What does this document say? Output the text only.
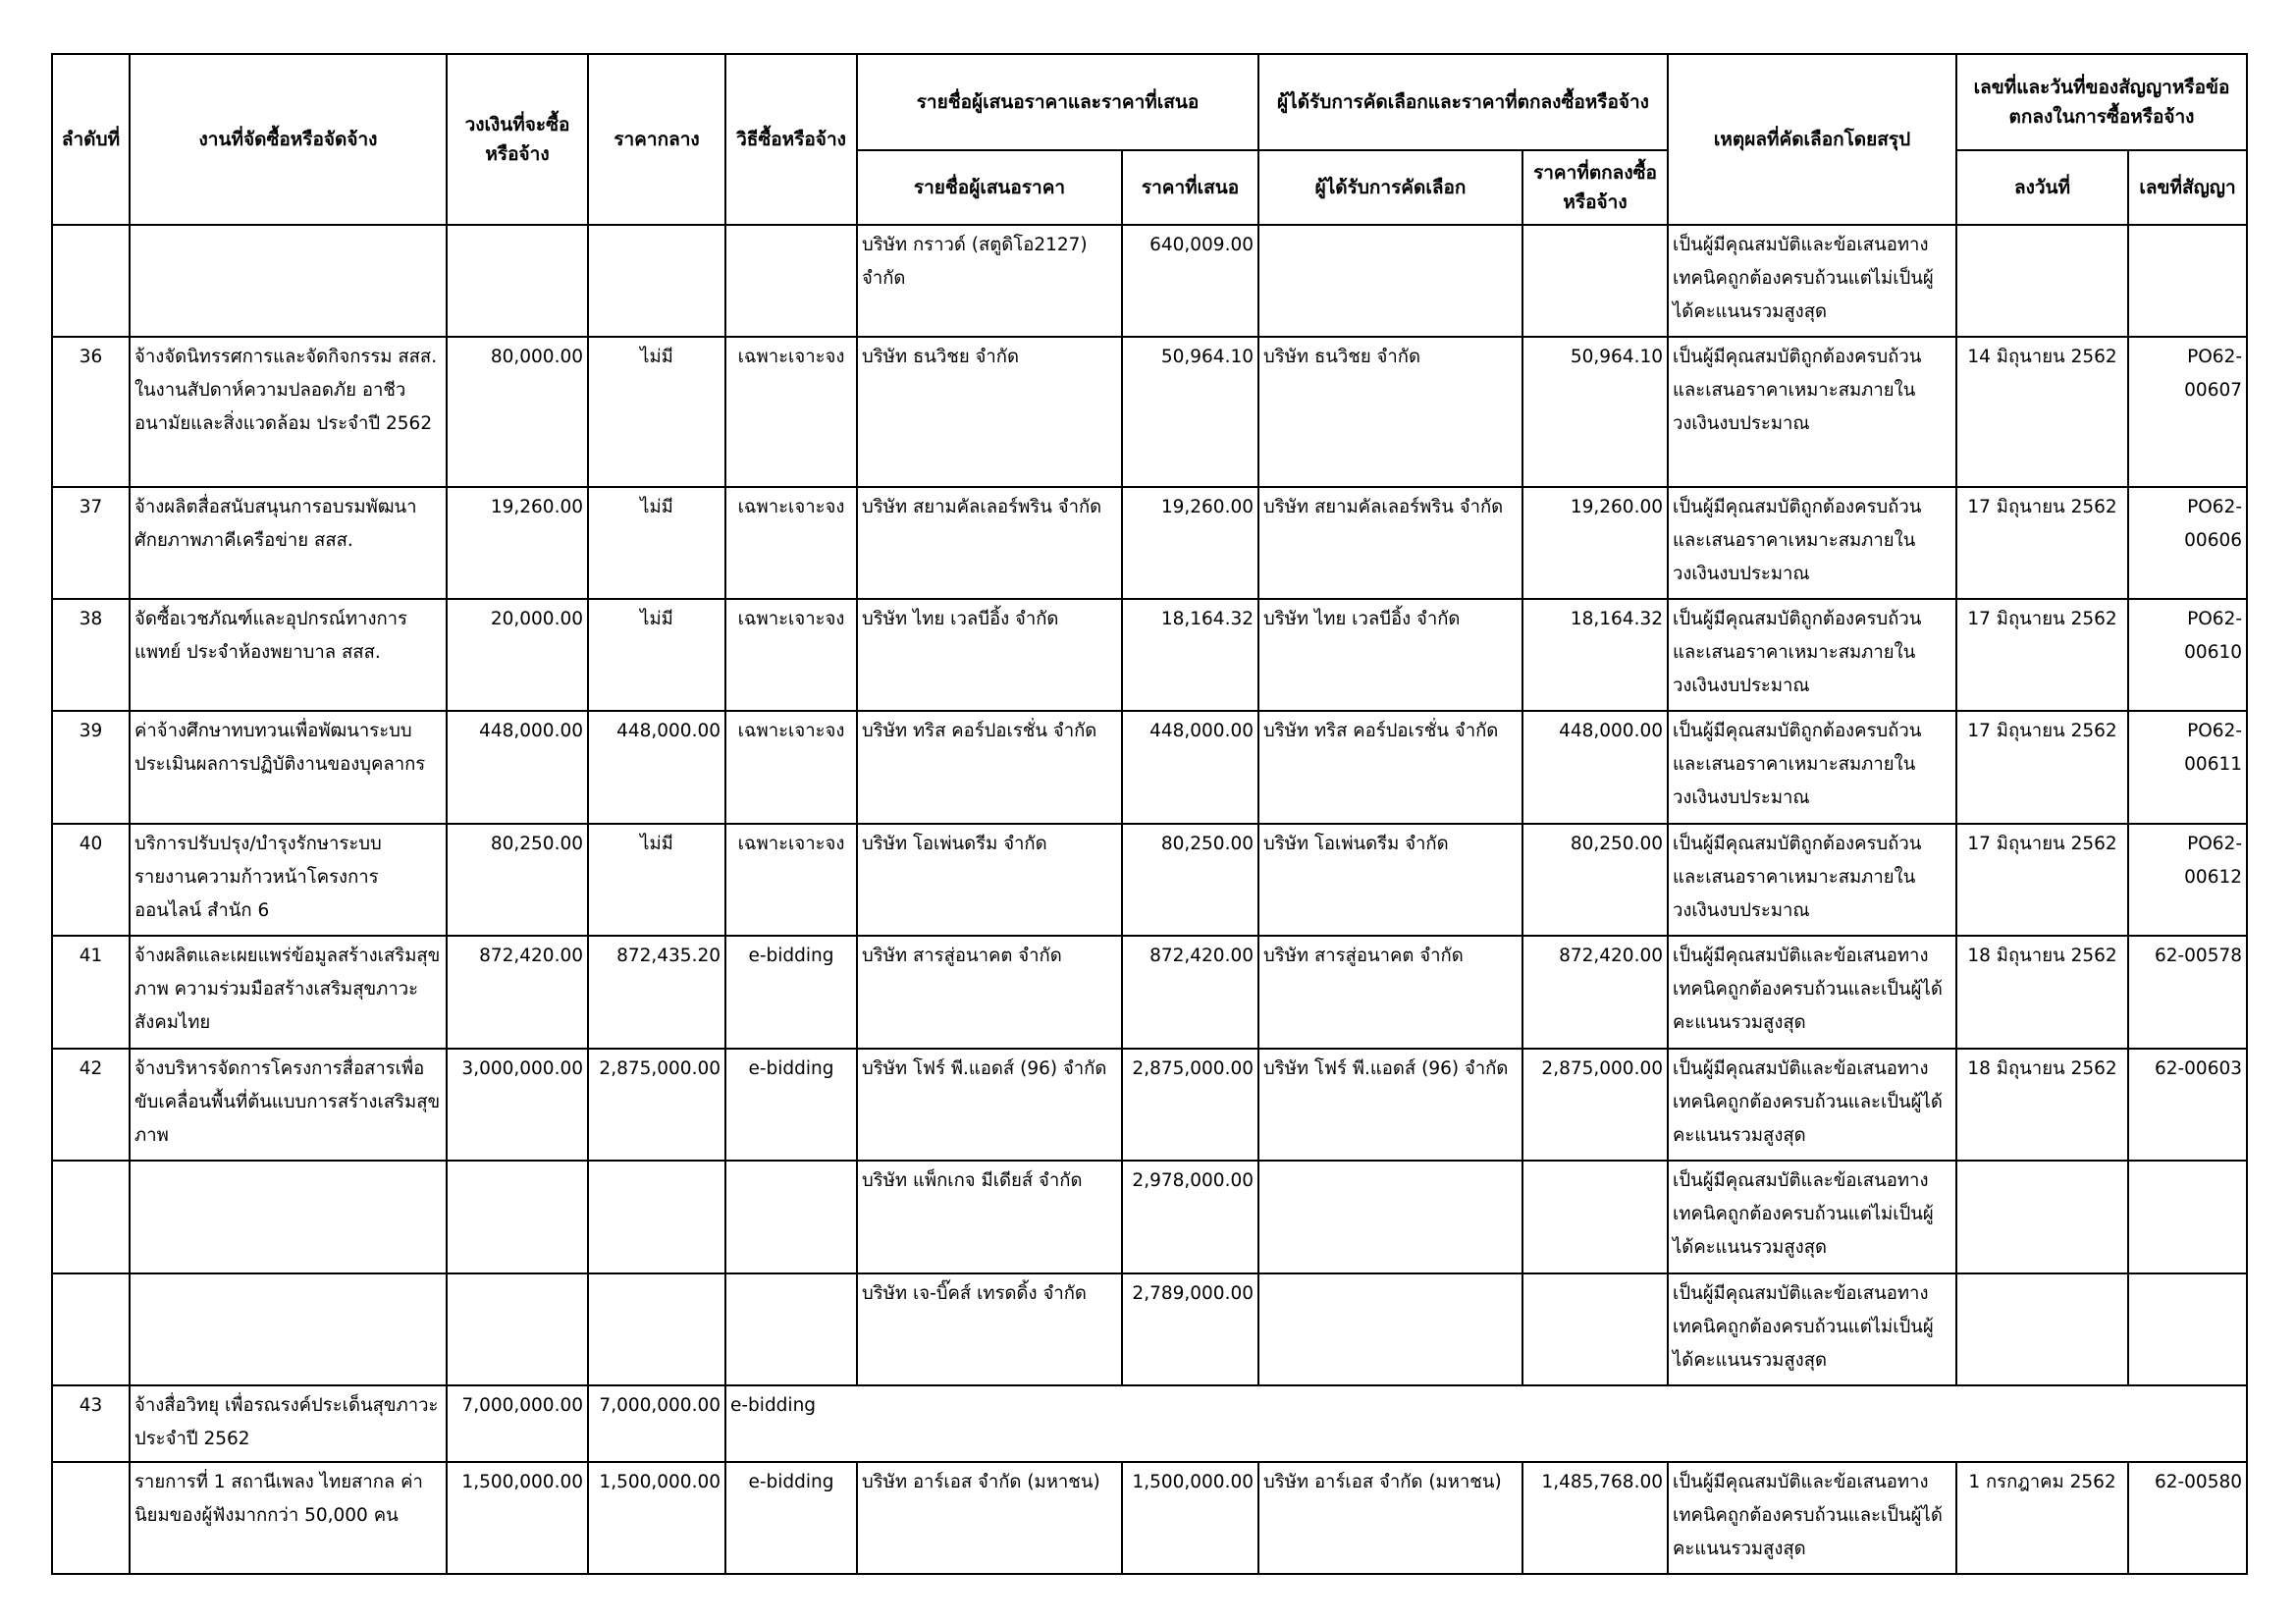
ลำดับที่	งานที่จัดซื้อหรือจัดจ้าง	วงเงินที่จะซื้อหรือจ้าง	ราคากลาง	วิธีซื้อหรือจ้าง	รายชื่อผู้เสนอราคาและราคาที่เสนอ		ผู้ได้รับการคัดเลือกและราคาที่ตกลงซื้อหรือจ้าง		เหตุผลที่คัดเลือกโดยสรุป	เลขที่และวันที่ของสัญญาหรือข้อตกลงในการซื้อหรือจ้าง	
					รายชื่อผู้เสนอราคา	ราคาที่เสนอ	ผู้ได้รับการคัดเลือก	ราคาที่ตกลงซื้อหรือจ้าง		ลงวันที่	เลขที่สัญญา
					บริษัท กราวด์ (สตูดิโอ2127) จำกัด	640,009.00			เป็นผู้มีคุณสมบัติและข้อเสนอทางเทคนิคถูกต้องครบถ้วนแต่ไม่เป็นผู้ได้คะแนนรวมสูงสุด		
36	จ้างจัดนิทรรศการและจัดกิจกรรม สสส. ในงานสัปดาห์ความปลอดภัย อาชีวอนามัยและสิ่งแวดล้อม ประจำปี 2562	80,000.00	ไม่มี	เฉพาะเจาะจง	บริษัท ธนวิชย จำกัด	50,964.10	บริษัท ธนวิชย จำกัด	50,964.10	เป็นผู้มีคุณสมบัติถูกต้องครบถ้วนและเสนอราคาเหมาะสมภายในวงเงินงบประมาณ	14 มิถุนายน 2562	PO62-00607
37	จ้างผลิตสื่อสนับสนุนการอบรมพัฒนาศักยภาพภาคีเครือข่าย สสส.	19,260.00	ไม่มี	เฉพาะเจาะจง	บริษัท สยามคัลเลอร์พริน จำกัด	19,260.00	บริษัท สยามคัลเลอร์พริน จำกัด	19,260.00	เป็นผู้มีคุณสมบัติถูกต้องครบถ้วนและเสนอราคาเหมาะสมภายในวงเงินงบประมาณ	17 มิถุนายน 2562	PO62-00606
38	จัดซื้อเวชภัณฑ์และอุปกรณ์ทางการแพทย์ ประจำห้องพยาบาล สสส.	20,000.00	ไม่มี	เฉพาะเจาะจง	บริษัท ไทย เวลบีอิ้ง จำกัด	18,164.32	บริษัท ไทย เวลบีอิ้ง จำกัด	18,164.32	เป็นผู้มีคุณสมบัติถูกต้องครบถ้วนและเสนอราคาเหมาะสมภายในวงเงินงบประมาณ	17 มิถุนายน 2562	PO62-00610
39	ค่าจ้างศึกษาทบทวนเพื่อพัฒนาระบบประเมินผลการปฏิบัติงานของบุคลากร	448,000.00	448,000.00	เฉพาะเจาะจง	บริษัท ทริส คอร์ปอเรชั่น จำกัด	448,000.00	บริษัท ทริส คอร์ปอเรชั่น จำกัด	448,000.00	เป็นผู้มีคุณสมบัติถูกต้องครบถ้วนและเสนอราคาเหมาะสมภายในวงเงินงบประมาณ	17 มิถุนายน 2562	PO62-00611
40	บริการปรับปรุง/บำรุงรักษาระบบรายงานความก้าวหน้าโครงการออนไลน์ สำนัก 6	80,250.00	ไม่มี	เฉพาะเจาะจง	บริษัท โอเพ่นดรีม จำกัด	80,250.00	บริษัท โอเพ่นดรีม จำกัด	80,250.00	เป็นผู้มีคุณสมบัติถูกต้องครบถ้วนและเสนอราคาเหมาะสมภายในวงเงินงบประมาณ	17 มิถุนายน 2562	PO62-00612
41	จ้างผลิตและเผยแพร่ข้อมูลสร้างเสริมสุขภาพ ความร่วมมือสร้างเสริมสุขภาวะสังคมไทย	872,420.00	872,435.20	e-bidding	บริษัท สารสู่อนาคต จำกัด	872,420.00	บริษัท สารสู่อนาคต จำกัด	872,420.00	เป็นผู้มีคุณสมบัติและข้อเสนอทางเทคนิคถูกต้องครบถ้วนและเป็นผู้ได้คะแนนรวมสูงสุด	18 มิถุนายน 2562	62-00578
42	จ้างบริหารจัดการโครงการสื่อสารเพื่อขับเคลื่อนพื้นที่ต้นแบบการสร้างเสริมสุขภาพ	3,000,000.00	2,875,000.00	e-bidding	บริษัท โฟร์ พี.แอดส์ (96) จำกัด	2,875,000.00	บริษัท โฟร์ พี.แอดส์ (96) จำกัด	2,875,000.00	เป็นผู้มีคุณสมบัติและข้อเสนอทางเทคนิคถูกต้องครบถ้วนและเป็นผู้ได้คะแนนรวมสูงสุด	18 มิถุนายน 2562	62-00603
					บริษัท แพ็กเกจ มีเดียส์ จำกัด	2,978,000.00			เป็นผู้มีคุณสมบัติและข้อเสนอทางเทคนิคถูกต้องครบถ้วนแต่ไม่เป็นผู้ได้คะแนนรวมสูงสุด		
					บริษัท เจ-บิ๊คส์ เทรดดิ้ง จำกัด	2,789,000.00			เป็นผู้มีคุณสมบัติและข้อเสนอทางเทคนิคถูกต้องครบถ้วนแต่ไม่เป็นผู้ได้คะแนนรวมสูงสุด		
43	จ้างสื่อวิทยุ เพื่อรณรงค์ประเด็นสุขภาวะ ประจำปี 2562	7,000,000.00	7,000,000.00	e-bidding							
	รายการที่ 1 สถานีเพลง ไทยสากล ค่านิยมของผู้ฟังมากกว่า 50,000 คน	1,500,000.00	1,500,000.00	e-bidding	บริษัท อาร์เอส จำกัด (มหาชน)	1,500,000.00	บริษัท อาร์เอส จำกัด (มหาชน)	1,485,768.00	เป็นผู้มีคุณสมบัติและข้อเสนอทางเทคนิคถูกต้องครบถ้วนและเป็นผู้ได้คะแนนรวมสูงสุด	1 กรกฎาคม 2562	62-00580
